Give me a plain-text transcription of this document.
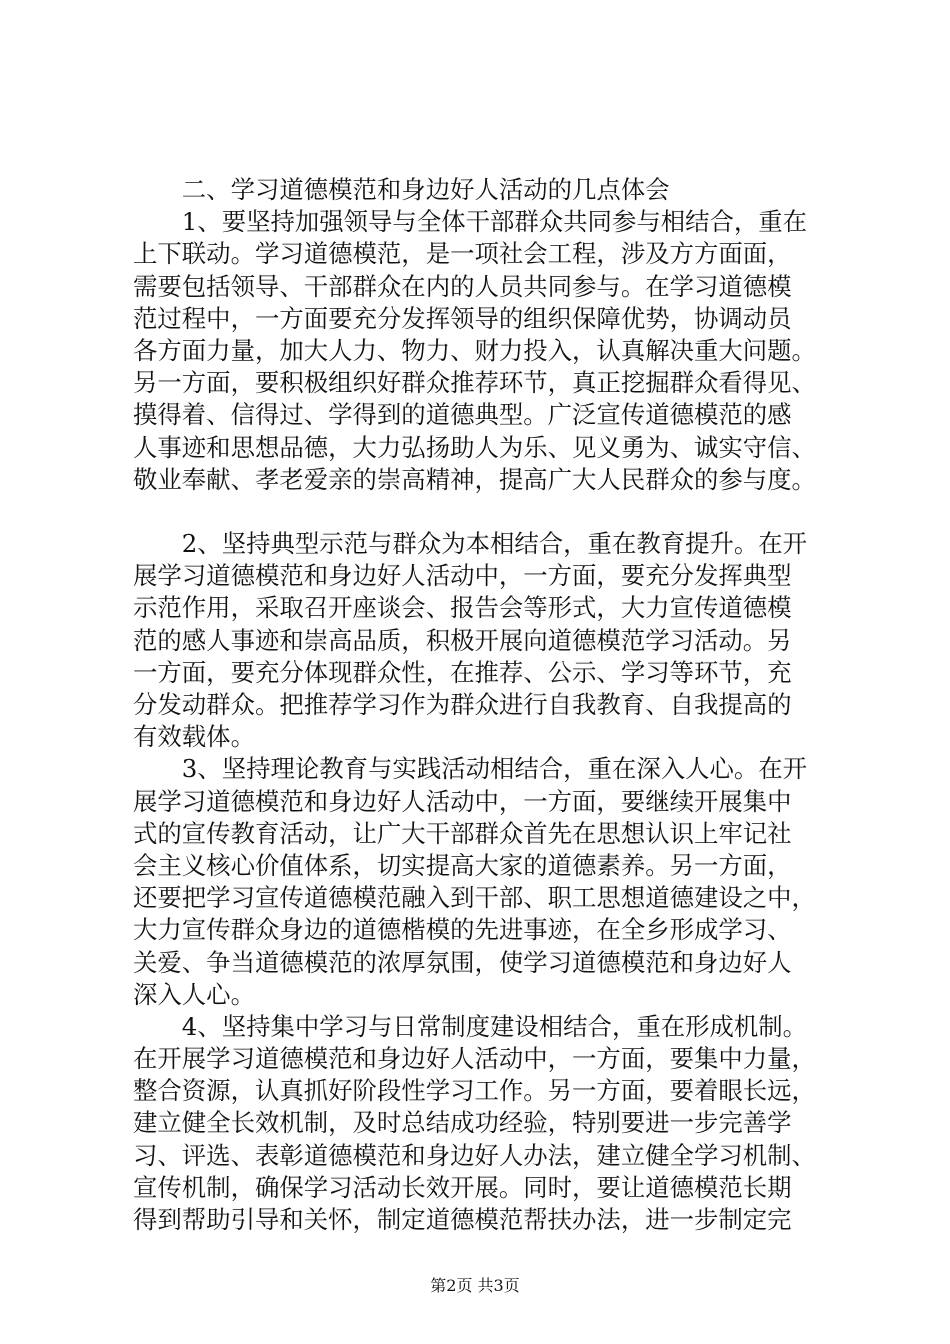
　　二、学习道德模范和身边好人活动的几点体会
　　1、要坚持加强领导与全体干部群众共同参与相结合，重在
上下联动。学习道德模范，是一项社会工程，涉及方方面面，
需要包括领导、干部群众在内的人员共同参与。在学习道德模
范过程中，一方面要充分发挥领导的组织保障优势，协调动员
各方面力量，加大人力、物力、财力投入，认真解决重大问题。
另一方面，要积极组织好群众推荐环节，真正挖掘群众看得见、
摸得着、信得过、学得到的道德典型。广泛宣传道德模范的感
人事迹和思想品德，大力弘扬助人为乐、见义勇为、诚实守信、
敬业奉献、孝老爱亲的崇高精神，提高广大人民群众的参与度。
　　2、坚持典型示范与群众为本相结合，重在教育提升。在开
展学习道德模范和身边好人活动中，一方面，要充分发挥典型
示范作用，采取召开座谈会、报告会等形式，大力宣传道德模
范的感人事迹和崇高品质，积极开展向道德模范学习活动。另
一方面，要充分体现群众性，在推荐、公示、学习等环节，充
分发动群众。把推荐学习作为群众进行自我教育、自我提高的
有效载体。
　　3、坚持理论教育与实践活动相结合，重在深入人心。在开
展学习道德模范和身边好人活动中，一方面，要继续开展集中
式的宣传教育活动，让广大干部群众首先在思想认识上牢记社
会主义核心价值体系，切实提高大家的道德素养。另一方面，
还要把学习宣传道德模范融入到干部、职工思想道德建设之中，
大力宣传群众身边的道德楷模的先进事迹，在全乡形成学习、
关爱、争当道德模范的浓厚氛围，使学习道德模范和身边好人
深入人心。
　　4、坚持集中学习与日常制度建设相结合，重在形成机制。
在开展学习道德模范和身边好人活动中，一方面，要集中力量，
整合资源，认真抓好阶段性学习工作。另一方面，要着眼长远，
建立健全长效机制，及时总结成功经验，特别要进一步完善学
习、评选、表彰道德模范和身边好人办法，建立健全学习机制、
宣传机制，确保学习活动长效开展。同时，要让道德模范长期
得到帮助引导和关怀，制定道德模范帮扶办法，进一步制定完
第2页 共3页
